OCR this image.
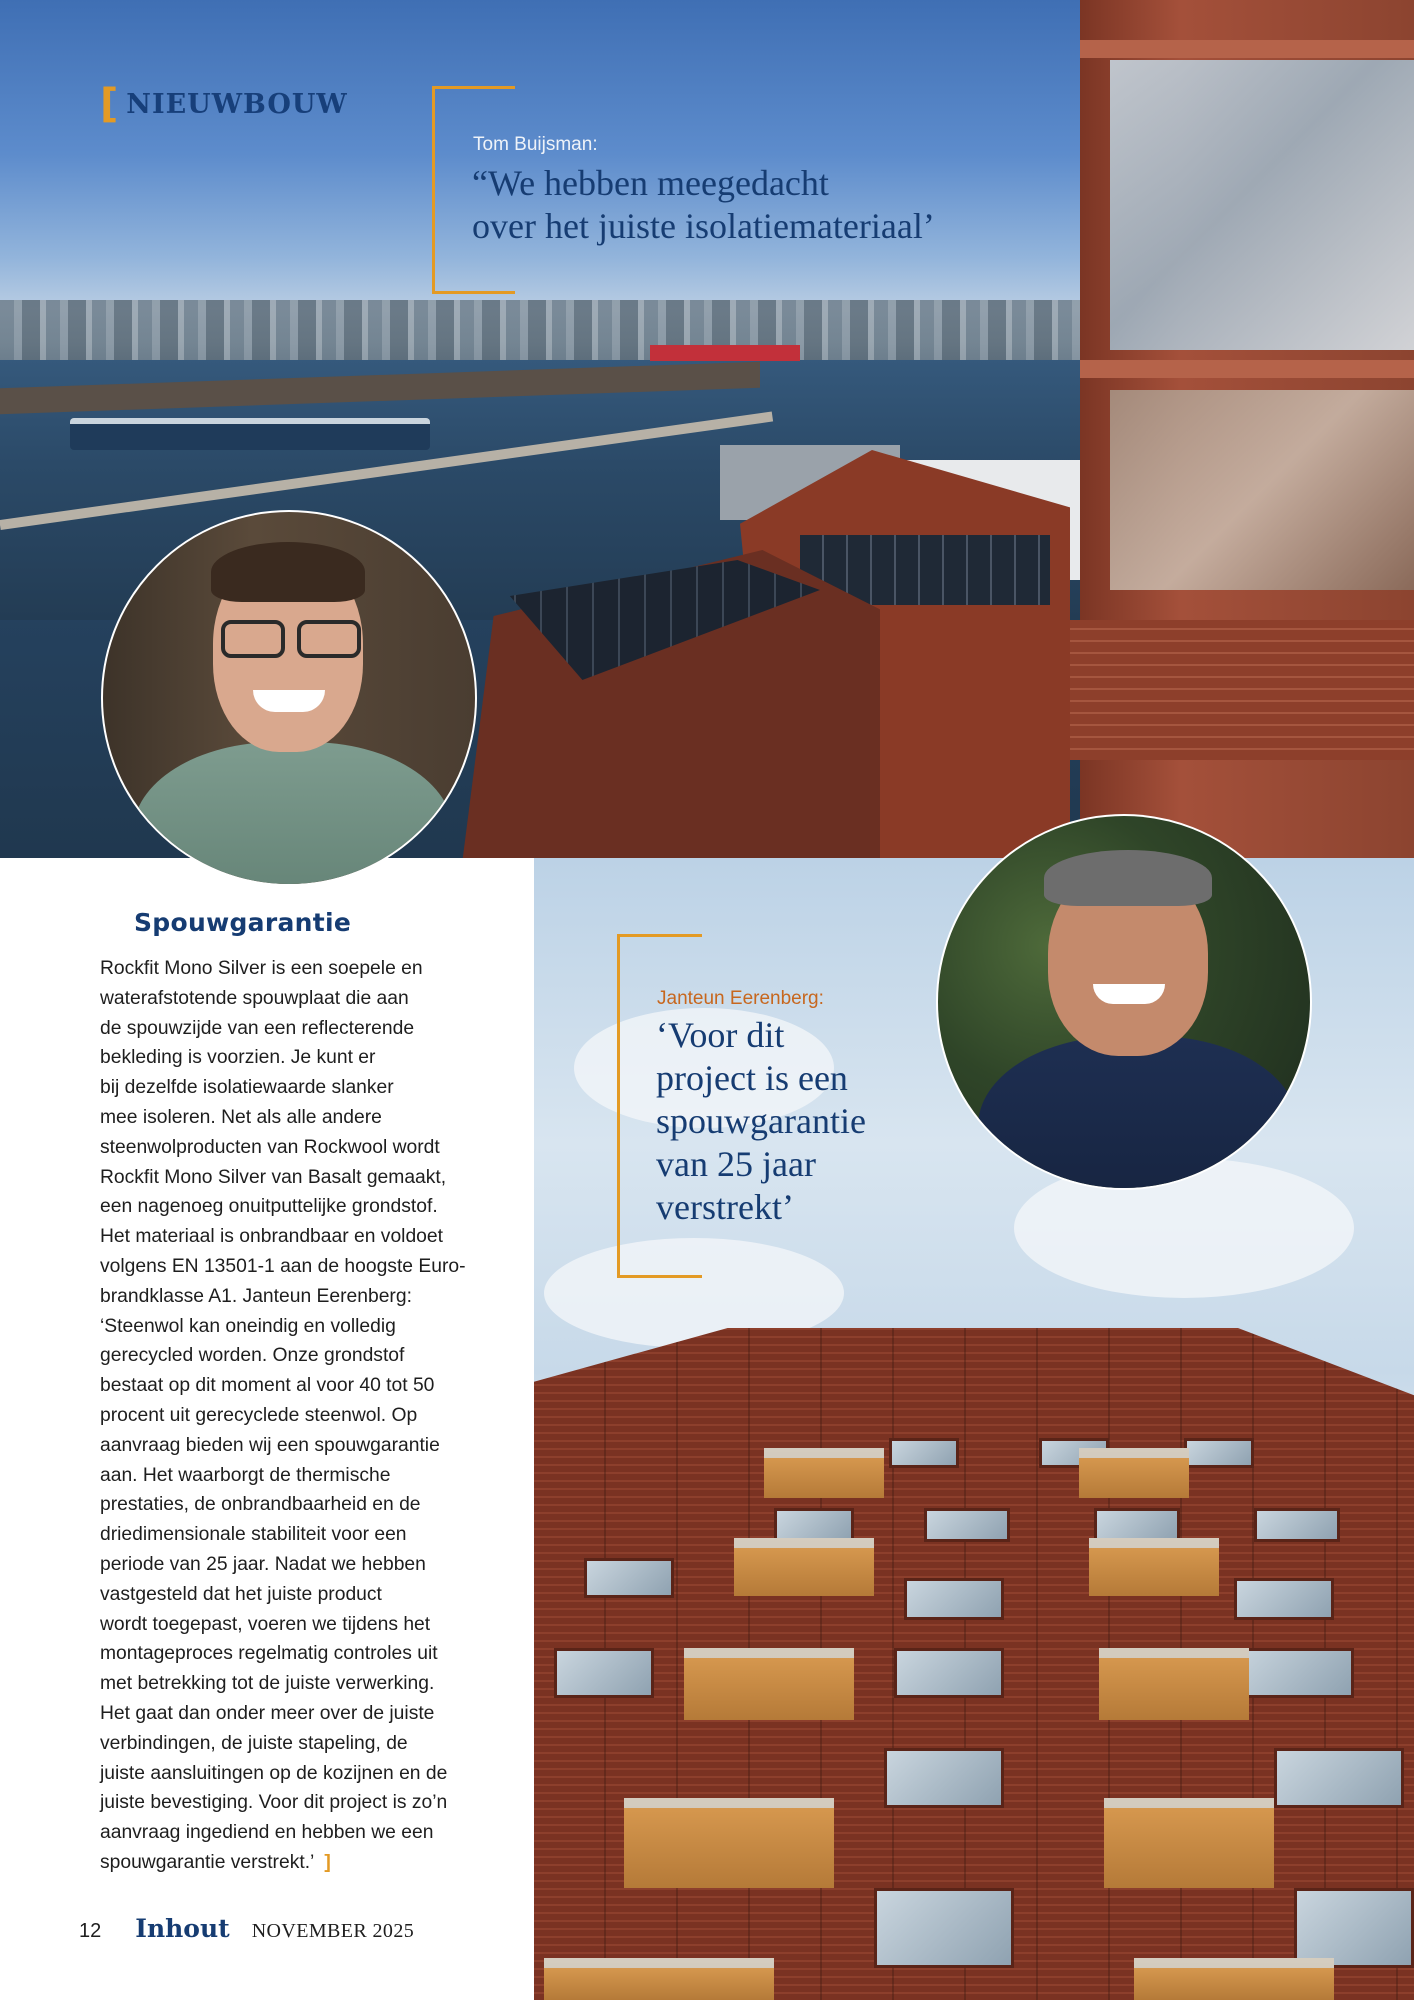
[ NIEUWBOUW
Tom Buijsman:
“We hebben meegedacht
over het juiste isolatiemateriaal’
Janteun Eerenberg:
‘Voor dit
project is een
spouwgarantie
van 25 jaar
verstrekt’
Spouwgarantie
Rockfit Mono Silver is een soepele en
waterafstotende spouwplaat die aan
de spouwzijde van een reflecterende
bekleding is voorzien. Je kunt er
bij dezelfde isolatiewaarde slanker
mee isoleren. Net als alle andere
steenwolproducten van Rockwool wordt
Rockfit Mono Silver van Basalt gemaakt,
een nagenoeg onuitputtelijke grondstof.
Het materiaal is onbrandbaar en voldoet
volgens EN 13501-1 aan de hoogste Euro-
brandklasse A1. Janteun Eerenberg:
‘Steenwol kan oneindig en volledig
gerecycled worden. Onze grondstof
bestaat op dit moment al voor 40 tot 50
procent uit gerecyclede steenwol. Op
aanvraag bieden wij een spouwgarantie
aan. Het waarborgt de thermische
prestaties, de onbrandbaarheid en de
driedimensionale stabiliteit voor een
periode van 25 jaar. Nadat we hebben
vastgesteld dat het juiste product
wordt toegepast, voeren we tijdens het
montageproces regelmatig controles uit
met betrekking tot de juiste verwerking.
Het gaat dan onder meer over de juiste
verbindingen, de juiste stapeling, de
juiste aansluitingen op de kozijnen en de
juiste bevestiging. Voor dit project is zo’n
aanvraag ingediend en hebben we een
spouwgarantie verstrekt.’ ]
12 Inhout NOVEMBER 2025
